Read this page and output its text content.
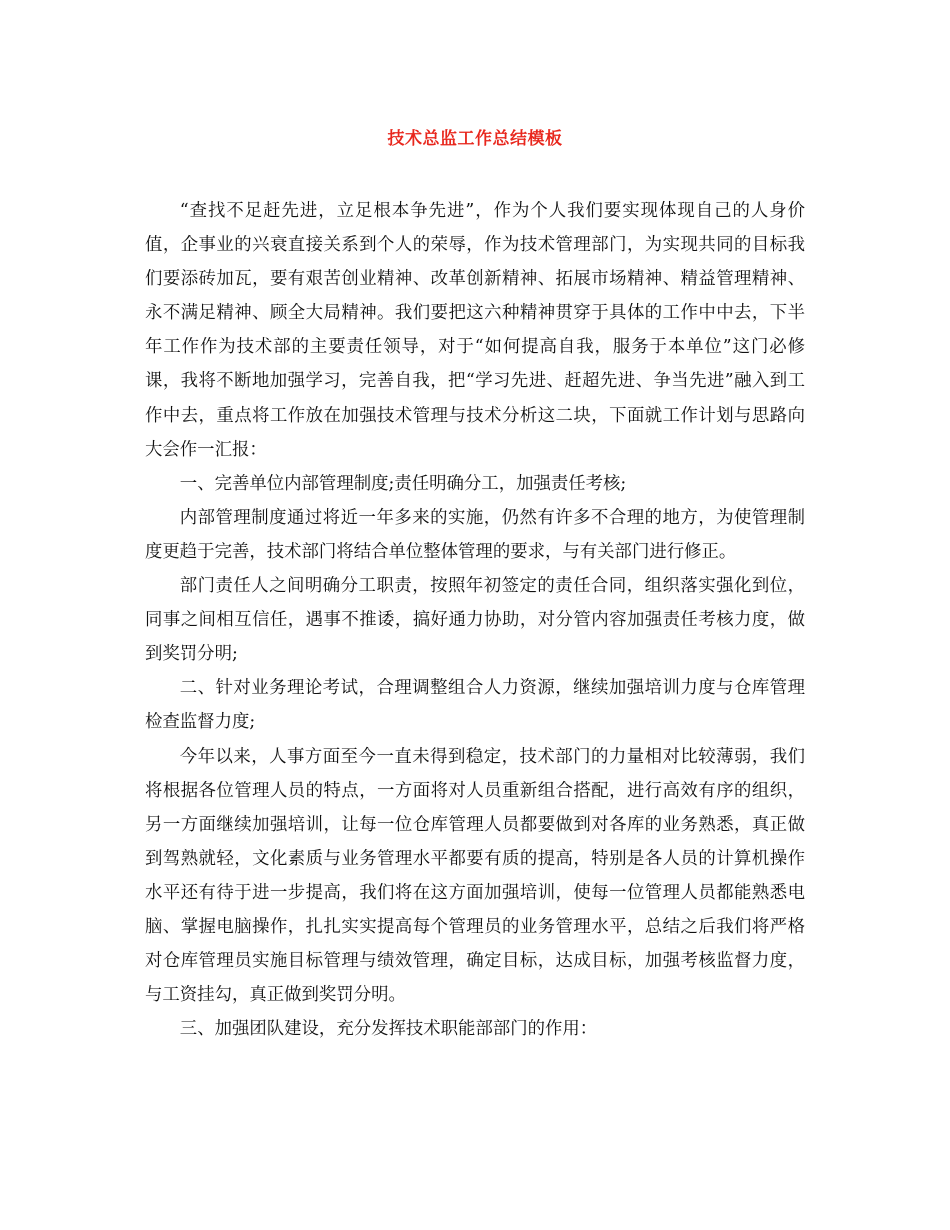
技术总监工作总结模板

“查找不足赶先进，立足根本争先进”，作为个人我们要实现体现自己的人身价值，企事业的兴衰直接关系到个人的荣辱，作为技术管理部门，为实现共同的目标我们要添砖加瓦，要有艰苦创业精神、改革创新精神、拓展市场精神、精益管理精神、永不满足精神、顾全大局精神。我们要把这六种精神贯穿于具体的工作中中去，下半年工作作为技术部的主要责任领导，对于“如何提高自我，服务于本单位”这门必修课，我将不断地加强学习，完善自我，把“学习先进、赶超先进、争当先进”融入到工作中去，重点将工作放在加强技术管理与技术分析这二块，下面就工作计划与思路向大会作一汇报：

一、完善单位内部管理制度;责任明确分工，加强责任考核;

内部管理制度通过将近一年多来的实施，仍然有许多不合理的地方，为使管理制度更趋于完善，技术部门将结合单位整体管理的要求，与有关部门进行修正。

部门责任人之间明确分工职责，按照年初签定的责任合同，组织落实强化到位，同事之间相互信任，遇事不推诿，搞好通力协助，对分管内容加强责任考核力度，做到奖罚分明;

二、针对业务理论考试，合理调整组合人力资源，继续加强培训力度与仓库管理检查监督力度;

今年以来，人事方面至今一直未得到稳定，技术部门的力量相对比较薄弱，我们将根据各位管理人员的特点，一方面将对人员重新组合搭配，进行高效有序的组织，另一方面继续加强培训，让每一位仓库管理人员都要做到对各库的业务熟悉，真正做到驾熟就轻，文化素质与业务管理水平都要有质的提高，特别是各人员的计算机操作水平还有待于进一步提高，我们将在这方面加强培训，使每一位管理人员都能熟悉电脑、掌握电脑操作，扎扎实实提高每个管理员的业务管理水平，总结之后我们将严格对仓库管理员实施目标管理与绩效管理，确定目标，达成目标，加强考核监督力度，与工资挂勾，真正做到奖罚分明。

三、加强团队建设，充分发挥技术职能部部门的作用：
